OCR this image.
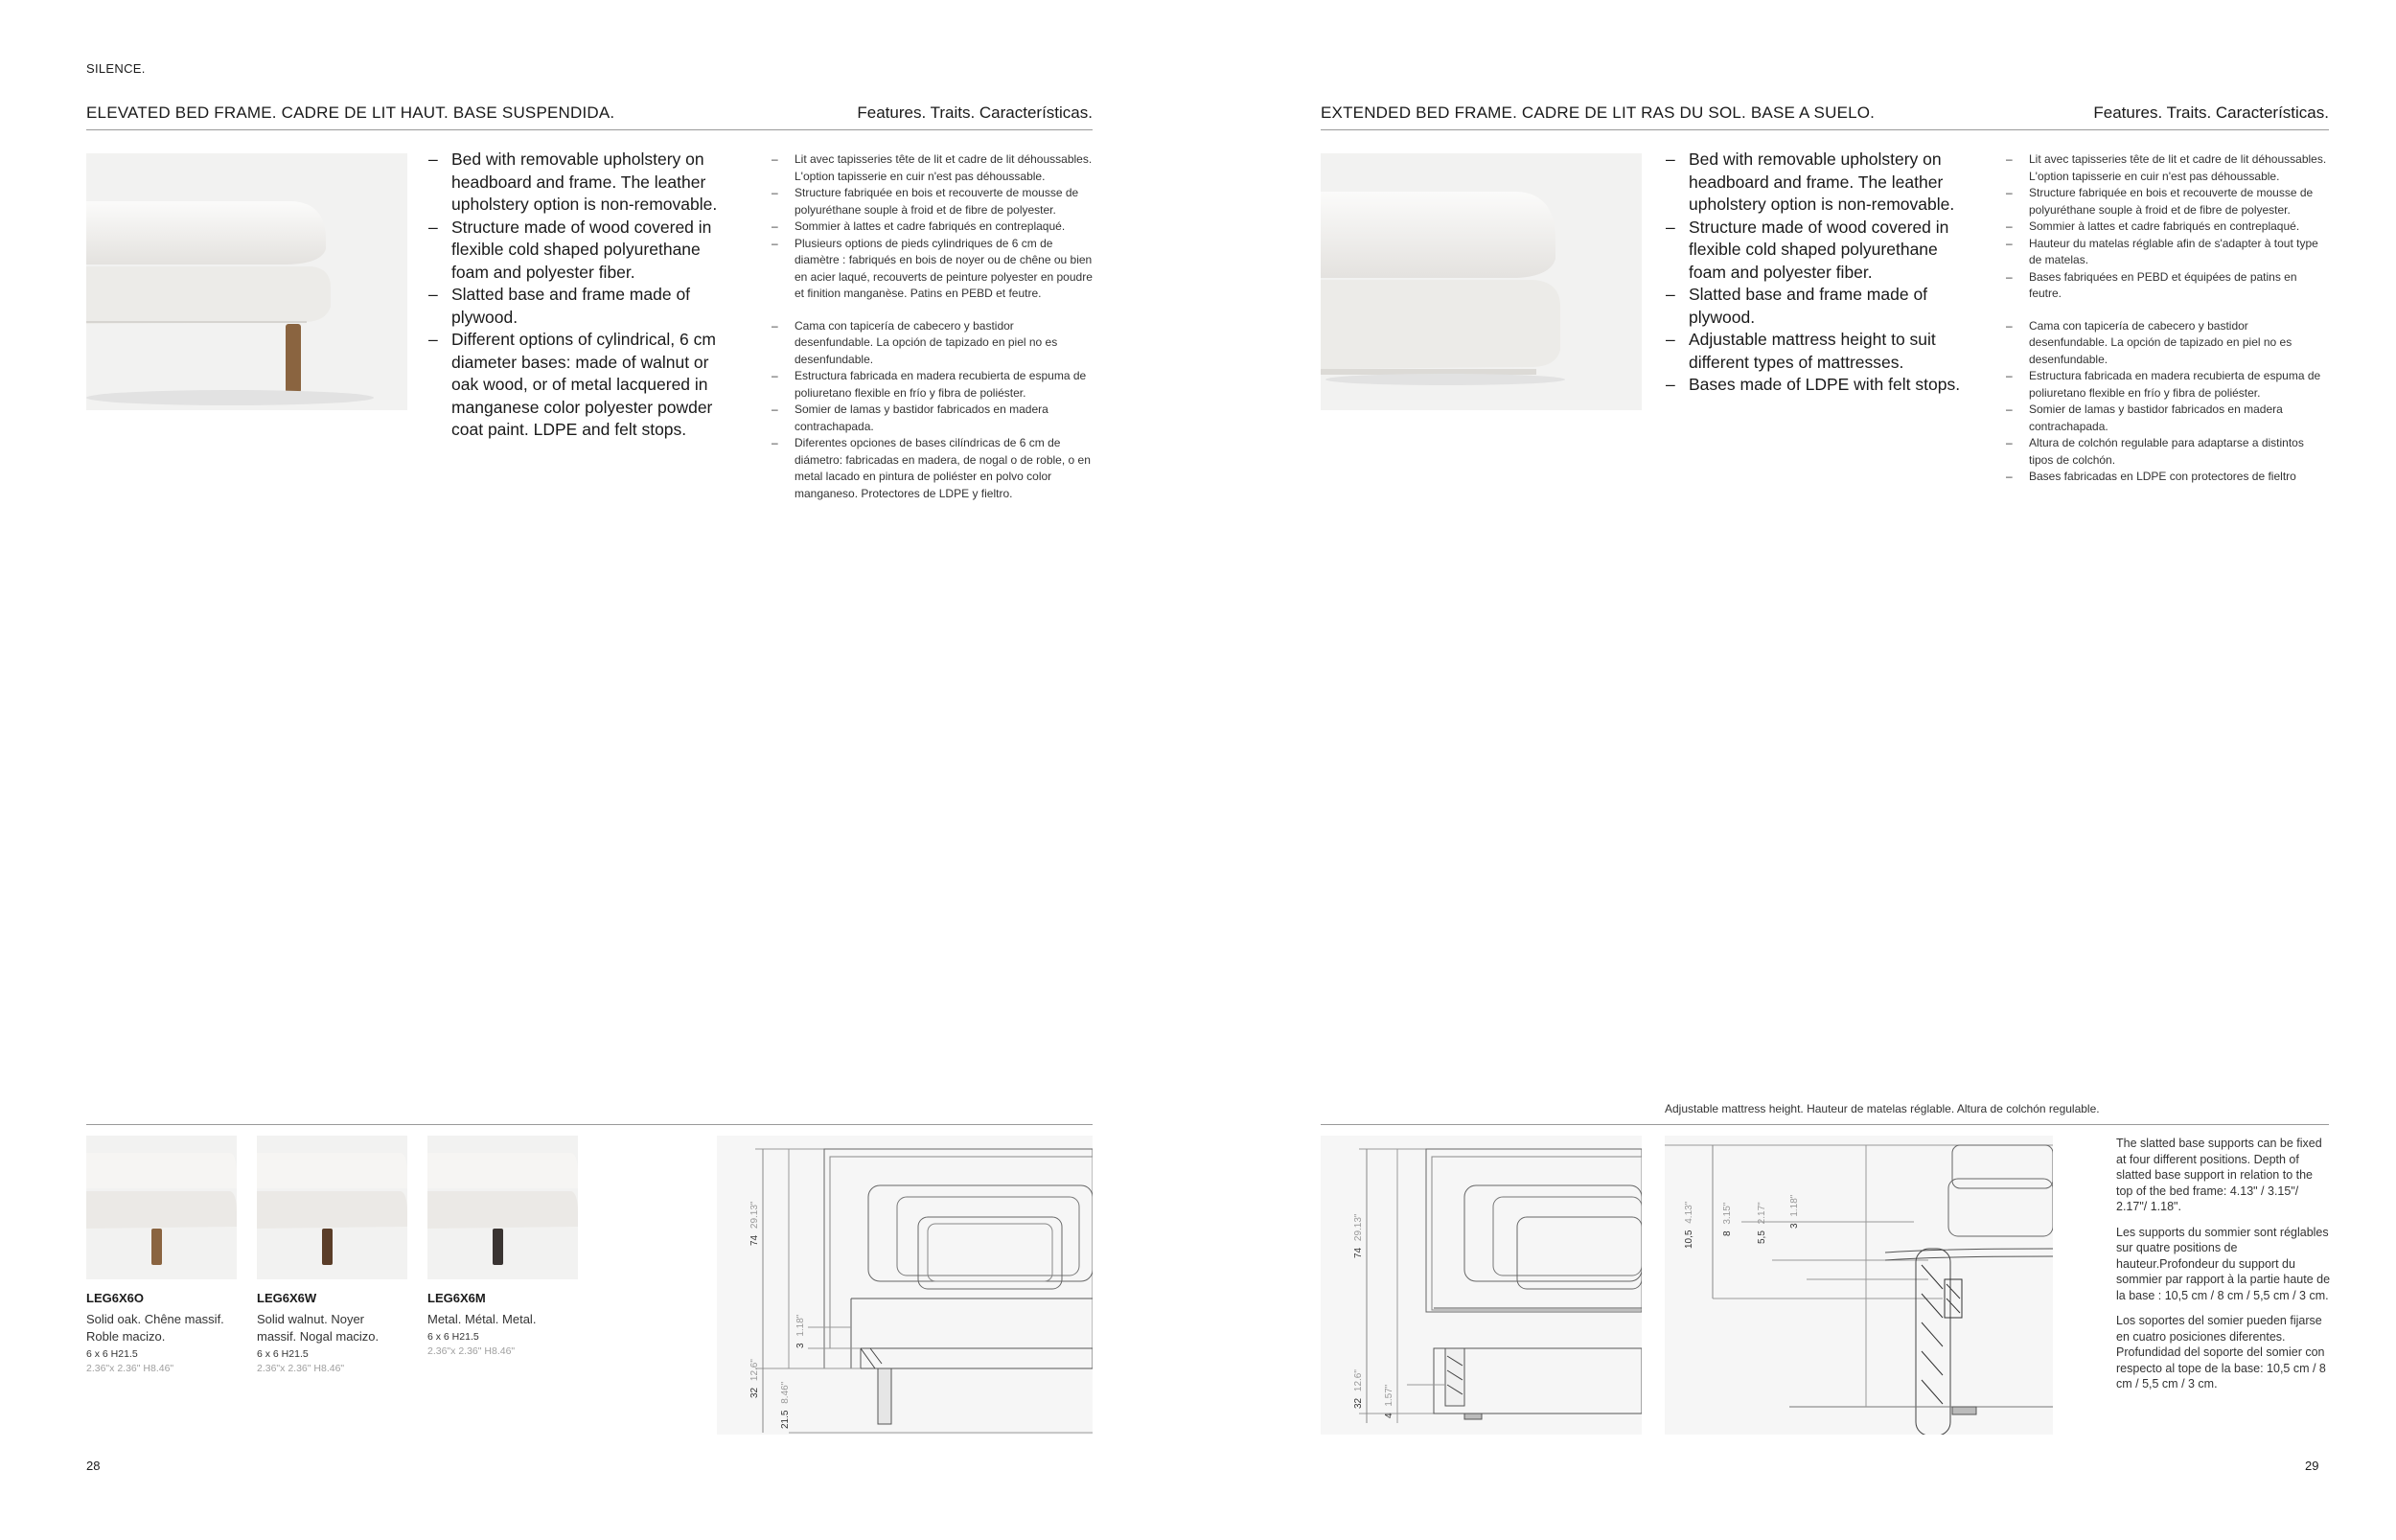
SILENCE.
ELEVATED BED FRAME. CADRE DE LIT HAUT. BASE SUSPENDIDA.	Features. Traits. Características.
– Bed with removable upholstery on headboard and frame. The leather upholstery option is non-removable.
– Structure made of wood covered in flexible cold shaped polyurethane foam and polyester fiber.
– Slatted base and frame made of plywood.
– Different options of cylindrical, 6 cm diameter bases: made of walnut or oak wood, or of metal lacquered in manganese color polyester powder coat paint. LDPE and felt stops.
–	Lit avec tapisseries tête de lit et cadre de lit déhoussables. L'option tapisserie en cuir n'est pas déhoussable.
–	Structure fabriquée en bois et recouverte de mousse de polyuréthane souple à froid et de fibre de polyester.
–	Sommier à lattes et cadre fabriqués en contreplaqué.
–	Plusieurs options de pieds cylindriques de 6 cm de diamètre : fabriqués en bois de noyer ou de chêne ou bien en acier laqué, recouverts de peinture polyester en poudre et finition manganèse. Patins en PEBD et feutre.
–	Cama con tapicería de cabecero y bastidor desenfundable. La opción de tapizado en piel no es desenfundable.
–	Estructura fabricada en madera recubierta de espuma de poliuretano flexible en frío y fibra de poliéster.
–	Somier de lamas y bastidor fabricados en madera contrachapada.
–	Diferentes opciones de bases cilíndricas de 6 cm de diámetro: fabricadas en madera, de nogal o de roble, o en metal lacado en pintura de poliéster en polvo color manganeso. Protectores de LDPE y fieltro.
LEG6X6O
Solid oak. Chêne massif. Roble macizo.
6 x 6 H21.5
2.36"x 2.36" H8.46"
LEG6X6W
Solid walnut. Noyer massif. Nogal macizo.
6 x 6 H21.5
2.36"x 2.36" H8.46"
LEG6X6M
Metal. Métal. Metal.
6 x 6 H21.5
2.36"x 2.36" H8.46"
74 29.13"
3 1.18"
32 12.6"
21.5 8.46"
28
EXTENDED BED FRAME. CADRE DE LIT RAS DU SOL. BASE A SUELO.	Features. Traits. Características.
– Bed with removable upholstery on headboard and frame. The leather upholstery option is non-removable.
– Structure made of wood covered in flexible cold shaped polyurethane foam and polyester fiber.
– Slatted base and frame made of plywood.
– Adjustable mattress height to suit different types of mattresses.
– Bases made of LDPE with felt stops.
–	Lit avec tapisseries tête de lit et cadre de lit déhoussables. L'option tapisserie en cuir n'est pas déhoussable.
–	Structure fabriquée en bois et recouverte de mousse de polyuréthane souple à froid et de fibre de polyester.
–	Sommier à lattes et cadre fabriqués en contreplaqué.
–	Hauteur du matelas réglable afin de s'adapter à tout type de matelas.
–	Bases fabriquées en PEBD et équipées de patins en feutre.
–	Cama con tapicería de cabecero y bastidor desenfundable. La opción de tapizado en piel no es desenfundable.
–	Estructura fabricada en madera recubierta de espuma de poliuretano flexible en frío y fibra de poliéster.
–	Somier de lamas y bastidor fabricados en madera contrachapada.
–	Altura de colchón regulable para adaptarse a distintos tipos de colchón.
–	Bases fabricadas en LDPE con protectores de fieltro
Adjustable mattress height. Hauteur de matelas réglable. Altura de colchón regulable.
74 29.13"
32 12.6"
4 1.57"
10,5 4.13"
8 3.15"
5,5 2.17"
3 1.18"

The slatted base supports can be fixed at four different positions. Depth of slatted base support in relation to the top of the bed frame: 4.13" / 3.15"/ 2.17"/ 1.18".

Les supports du sommier sont réglables sur quatre positions de hauteur.Profondeur du support du sommier par rapport à la partie haute de la base : 10,5 cm / 8 cm / 5,5 cm / 3 cm.

Los soportes del somier pueden fijarse en cuatro posiciones diferentes. Profundidad del soporte del somier con respecto al tope de la base: 10,5 cm / 8 cm / 5,5 cm / 3 cm.

29
